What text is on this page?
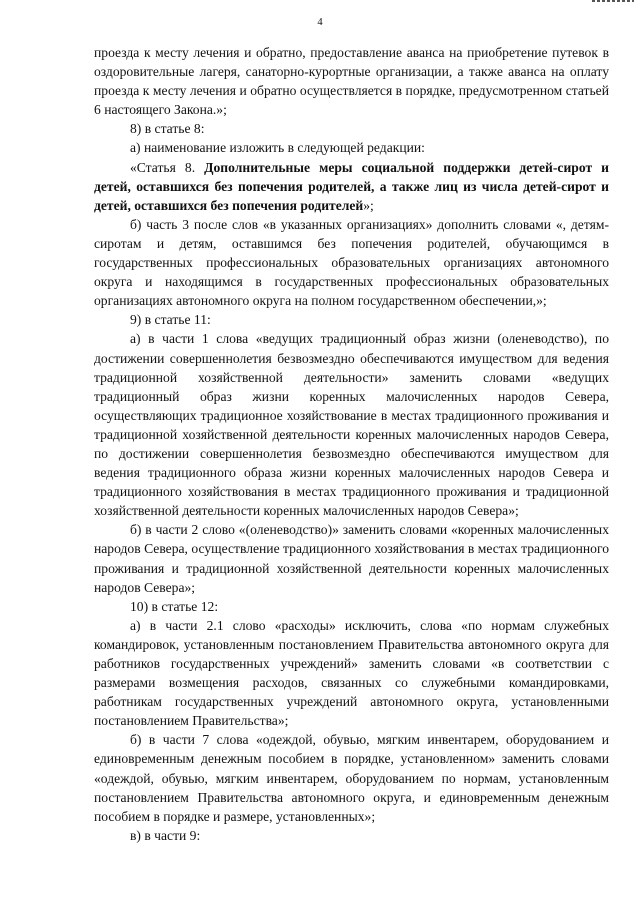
4

проезда к месту лечения и обратно, предоставление аванса на приобретение путевок в оздоровительные лагеря, санаторно-курортные организации, а также аванса на оплату проезда к месту лечения и обратно осуществляется в порядке, предусмотренном статьей 6 настоящего Закона.»;

8) в статье 8:

а) наименование изложить в следующей редакции:

«Статья 8. Дополнительные меры социальной поддержки детей-сирот и детей, оставшихся без попечения родителей, а также лиц из числа детей-сирот и детей, оставшихся без попечения родителей»;

б) часть 3 после слов «в указанных организациях» дополнить словами «, детям-сиротам и детям, оставшимся без попечения родителей, обучающимся в государственных профессиональных образовательных организациях автономного округа и находящимся в государственных профессиональных образовательных организациях автономного округа на полном государственном обеспечении,»;

9) в статье 11:

а) в части 1 слова «ведущих традиционный образ жизни (оленеводство), по достижении совершеннолетия безвозмездно обеспечиваются имуществом для ведения традиционной хозяйственной деятельности» заменить словами «ведущих традиционный образ жизни коренных малочисленных народов Севера, осуществляющих традиционное хозяйствование в местах традиционного проживания и традиционной хозяйственной деятельности коренных малочисленных народов Севера, по достижении совершеннолетия безвозмездно обеспечиваются имуществом для ведения традиционного образа жизни коренных малочисленных народов Севера и традиционного хозяйствования в местах традиционного проживания и традиционной хозяйственной деятельности коренных малочисленных народов Севера»;

б) в части 2 слово «(оленеводство)» заменить словами «коренных малочисленных народов Севера, осуществление традиционного хозяйствования в местах традиционного проживания и традиционной хозяйственной деятельности коренных малочисленных народов Севера»;

10) в статье 12:

а) в части 2.1 слово «расходы» исключить, слова «по нормам служебных командировок, установленным постановлением Правительства автономного округа для работников государственных учреждений» заменить словами «в соответствии с размерами возмещения расходов, связанных со служебными командировками, работникам государственных учреждений автономного округа, установленными постановлением Правительства»;

б) в части 7 слова «одеждой, обувью, мягким инвентарем, оборудованием и единовременным денежным пособием в порядке, установленном» заменить словами «одеждой, обувью, мягким инвентарем, оборудованием по нормам, установленным постановлением Правительства автономного округа, и единовременным денежным пособием в порядке и размере, установленных»;

в) в части 9:
